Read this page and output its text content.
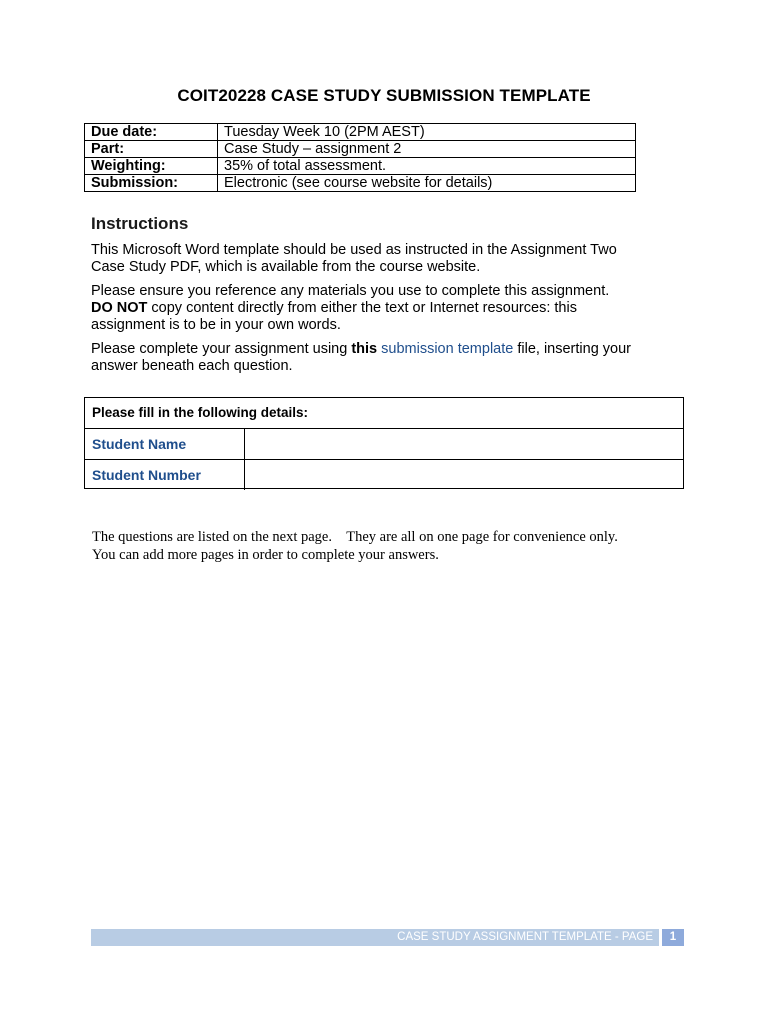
COIT20228 CASE STUDY SUBMISSION TEMPLATE
Due date:	Tuesday Week 10 (2PM AEST)
Part:	Case Study – assignment 2
Weighting:	35% of total assessment.
Submission:	Electronic (see course website for details)
Instructions
This Microsoft Word template should be used as instructed in the Assignment Two
Case Study PDF, which is available from the course website.
Please ensure you reference any materials you use to complete this assignment.
DO NOT copy content directly from either the text or Internet resources: this
assignment is to be in your own words.
Please complete your assignment using this submission template file, inserting your
answer beneath each question.
Please fill in the following details:
Student Name
Student Number
The questions are listed on the next page.    They are all on one page for convenience only.
You can add more pages in order to complete your answers.
CASE STUDY ASSIGNMENT TEMPLATE - PAGE	1
